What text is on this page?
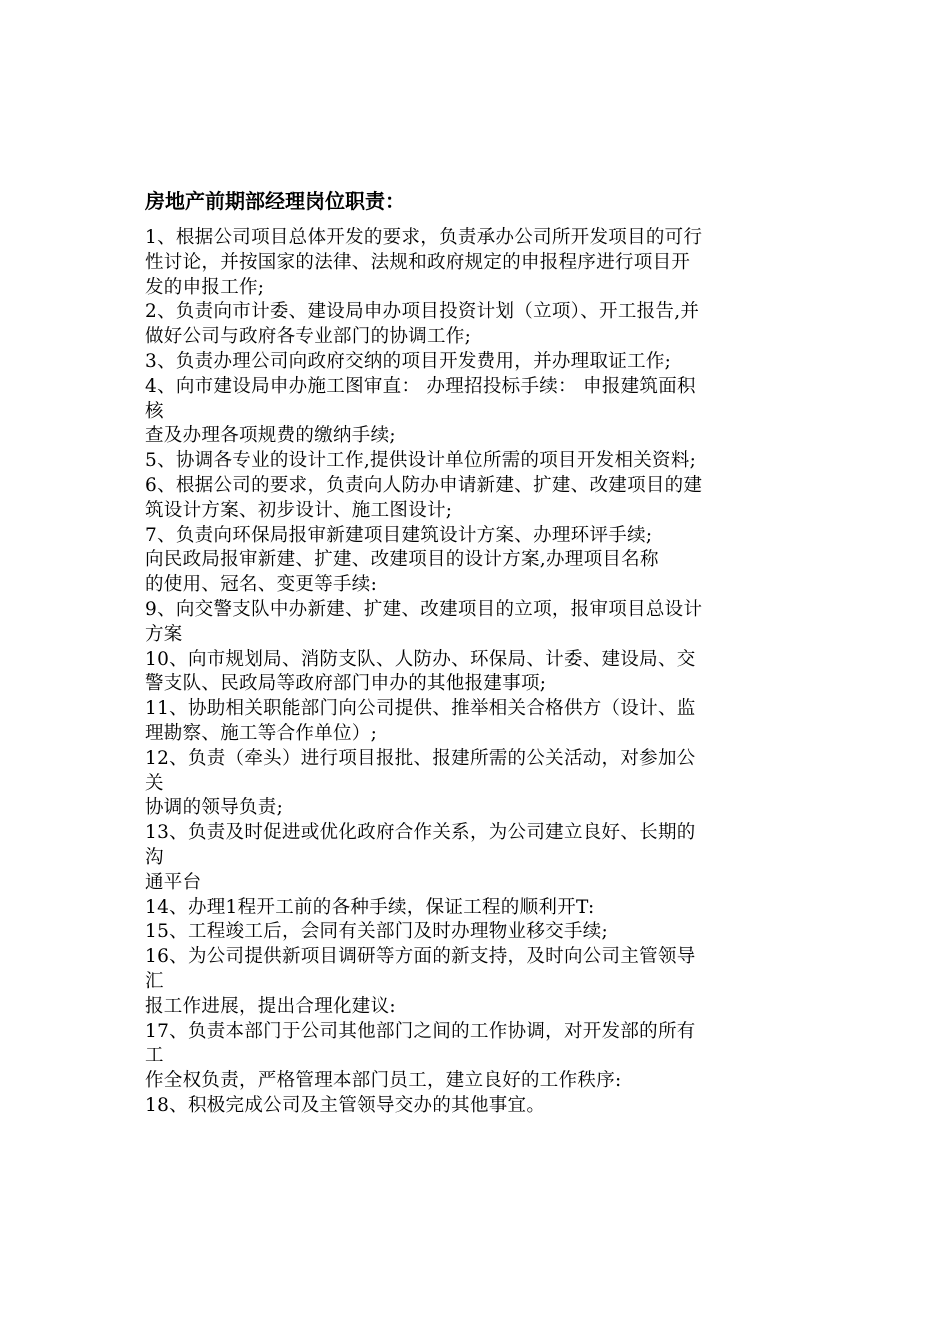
房地产前期部经理岗位职责：
1、根据公司项目总体开发的要求，负责承办公司所开发项目的可行
性讨论，并按国家的法律、法规和政府规定的申报程序进行项目开
发的申报工作;
2、负责向市计委、建设局申办项目投资计划（立项）、开工报告,并
做好公司与政府各专业部门的协调工作;
3、负责办理公司向政府交纳的项目开发费用，并办理取证工作;
4、向市建设局申办施工图审直： 办理招投标手续： 申报建筑面积
核
查及办理各项规费的缴纳手续;
5、协调各专业的设计工作,提供设计单位所需的项目开发相关资料;
6、根据公司的要求，负责向人防办申请新建、扩建、改建项目的建
筑设计方案、初步设计、施工图设计;
7、负责向环保局报审新建项目建筑设计方案、办理环评手续;
向民政局报审新建、扩建、改建项目的设计方案,办理项目名称
的使用、冠名、变更等手续:
9、向交警支队中办新建、扩建、改建项目的立项，报审项目总设计
方案
10、向市规划局、消防支队、人防办、环保局、计委、建设局、交
警支队、民政局等政府部门申办的其他报建事项;
11、协助相关职能部门向公司提供、推举相关合格供方（设计、监
理勘察、施工等合作单位）;
12、负责（牵头）进行项目报批、报建所需的公关活动，对参加公
关
协调的领导负责;
13、负责及时促进或优化政府合作关系，为公司建立良好、长期的
沟
通平台
14、办理1程开工前的各种手续，保证工程的顺利开T:
15、工程竣工后，会同有关部门及时办理物业移交手续;
16、为公司提供新项目调研等方面的新支持，及时向公司主管领导
汇
报工作进展，提出合理化建议:
17、负责本部门于公司其他部门之间的工作协调，对开发部的所有
工
作全权负责，严格管理本部门员工，建立良好的工作秩序:
18、积极完成公司及主管领导交办的其他事宜。
